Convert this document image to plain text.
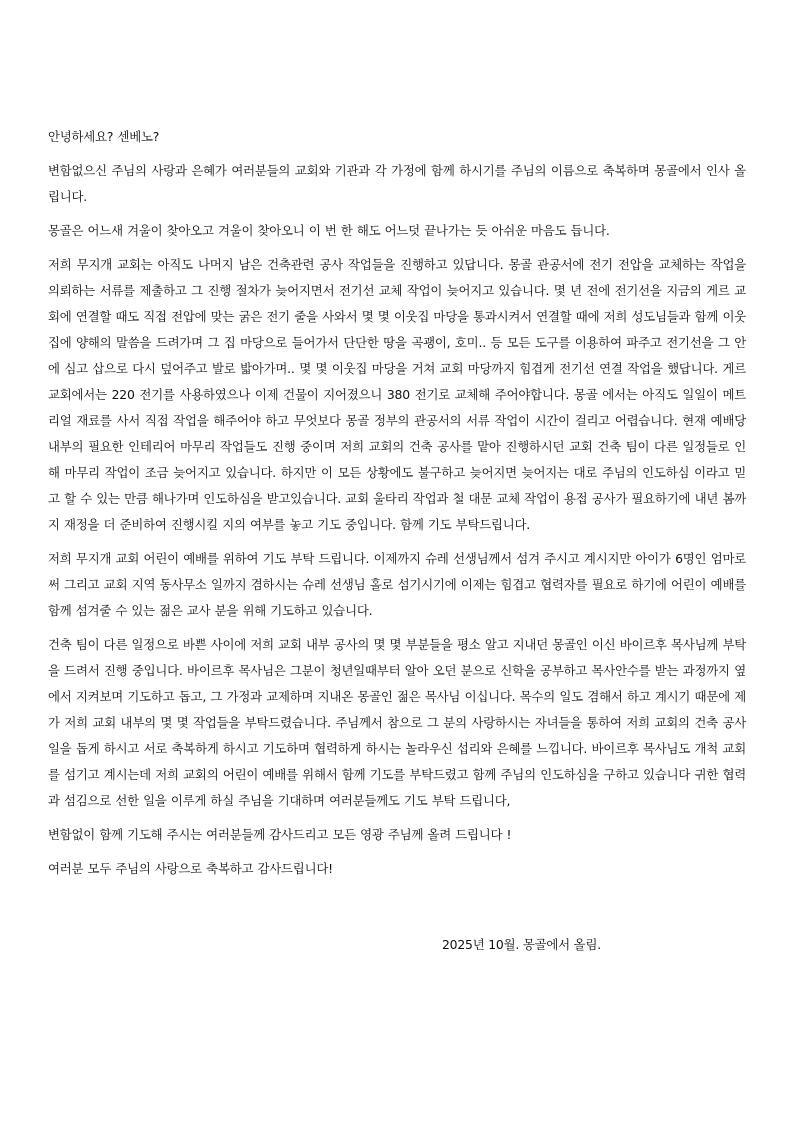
안녕하세요? 센베노?

변함없으신 주님의 사랑과 은혜가 여러분들의 교회와 기관과 각 가정에 함께 하시기를 주님의 이름으로 축복하며 몽골에서 인사 올립니다.

몽골은 어느새 겨울이 찾아오고 겨울이 찾아오니 이 번 한 해도 어느덧 끝나가는 듯 아쉬운 마음도 듭니다.

저희 무지개 교회는 아직도 나머지 남은 건축관련 공사 작업들을 진행하고 있답니다. 몽골 관공서에 전기 전압을 교체하는 작업을 의뢰하는 서류를 제출하고 그 진행 절차가 늦어지면서 전기선 교체 작업이 늦어지고 있습니다. 몇 년 전에 전기선을 지금의 게르 교회에 연결할 때도 직접 전압에 맞는 굵은 전기 줄을 사와서 몇 몇 이웃집 마당을 통과시켜서 연결할 때에 저희 성도님들과 함께 이웃집에 양해의 말씀을 드려가며 그 집 마당으로 들어가서 단단한 땅을 곡괭이, 호미.. 등 모든 도구를 이용하여 파주고 전기선을 그 안에 심고 삽으로 다시 덮어주고 발로 밟아가며.. 몇 몇 이웃집 마당을 거쳐 교회 마당까지 힘겹게 전기선 연결 작업을 했답니다. 게르 교회에서는 220 전기를 사용하였으나 이제 건물이 지어졌으니 380 전기로 교체해 주어야합니다. 몽골 에서는 아직도 일일이 메트리얼 재료를 사서 직접 작업을 해주어야 하고 무엇보다 몽골 정부의 관공서의 서류 작업이 시간이 걸리고 어렵습니다. 현재 예배당 내부의 필요한 인테리어 마무리 작업들도 진행 중이며 저희 교회의 건축 공사를 맡아 진행하시던 교회 건축 팀이 다른 일정들로 인해 마무리 작업이 조금 늦어지고 있습니다. 하지만 이 모든 상황에도 불구하고 늦어지면 늦어지는 대로 주님의 인도하심 이라고 믿고 할 수 있는 만큼 해나가며 인도하심을 받고있습니다. 교회 울타리 작업과 철 대문 교체 작업이 용접 공사가 필요하기에 내년 봄까지 재정을 더 준비하여 진행시킬 지의 여부를 놓고 기도 중입니다. 함께 기도 부탁드립니다.

저희 무지개 교회 어린이 예배를 위하여 기도 부탁 드립니다. 이제까지 슈레 선생님께서 섬겨 주시고 계시지만 아이가 6명인 엄마로써 그리고 교회 지역 동사무소 일까지 겸하시는 슈레 선생님 홀로 섬기시기에 이제는 힘겹고 협력자를 필요로 하기에 어린이 예배를 함께 섬겨줄 수 있는 젊은 교사 분을 위해 기도하고 있습니다.

건축 팀이 다른 일정으로 바쁜 사이에 저희 교회 내부 공사의 몇 몇 부분들을 평소 알고 지내던 몽골인 이신 바이르후 목사님께 부탁을 드려서 진행 중입니다. 바이르후 목사님은 그분이 청년일때부터 알아 오던 분으로 신학을 공부하고 목사안수를 받는 과정까지 옆에서 지켜보며 기도하고 돕고, 그 가정과 교제하며 지내온 몽골인 젊은 목사님 이십니다. 목수의 일도 겸해서 하고 계시기 때문에 제가 저희 교회 내부의 몇 몇 작업들을 부탁드렸습니다. 주님께서 참으로 그 분의 사랑하시는 자녀들을 통하여 저희 교회의 건축 공사 일을 돕게 하시고 서로 축복하게 하시고 기도하며 협력하게 하시는 놀라우신 섭리와 은혜를 느낍니다. 바이르후 목사님도 개척 교회를 섬기고 계시는데 저희 교회의 어린이 예배를 위해서 함께 기도를 부탁드렸고 함께 주님의 인도하심을 구하고 있습니다 귀한 협력과 섬김으로 선한 일을 이루게 하실 주님을 기대하며 여러분들께도 기도 부탁 드립니다,

변함없이 함께 기도해 주시는 여러분들께 감사드리고 모든 영광 주님께 올려 드립니다 !

여러분 모두 주님의 사랑으로 축복하고 감사드립니다!

2025년 10월. 몽골에서 올림.
